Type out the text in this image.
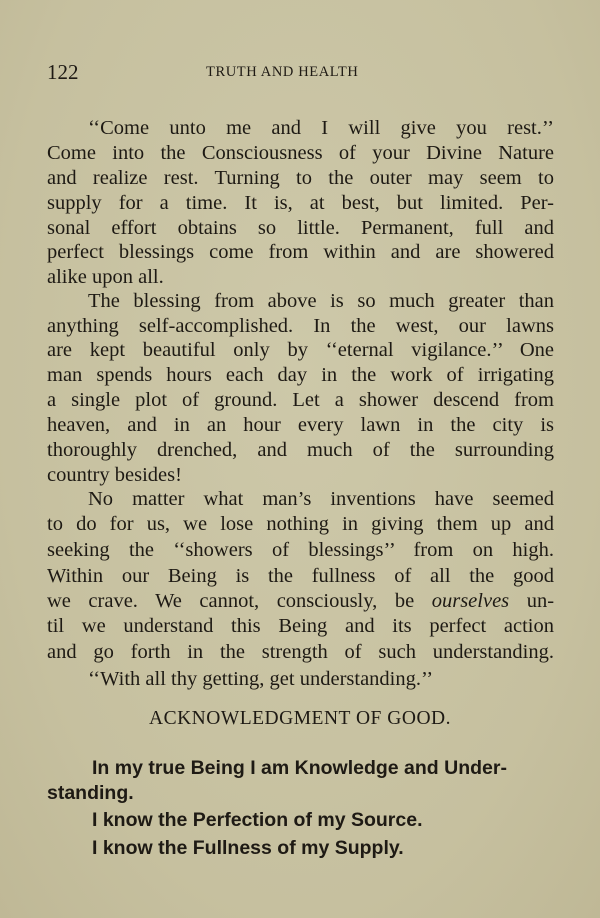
122	TRUTH AND HEALTH
‘‘Come unto me and I will give you rest.’’
Come into the Consciousness of your Divine Nature
and realize rest. Turning to the outer may seem to
supply for a time. It is, at best, but limited. Per-
sonal effort obtains so little. Permanent, full and
perfect blessings come from within and are showered
alike upon all.
The blessing from above is so much greater than
anything self-accomplished. In the west, our lawns
are kept beautiful only by ‘‘eternal vigilance.’’ One
man spends hours each day in the work of irrigating
a single plot of ground. Let a shower descend from
heaven, and in an hour every lawn in the city is
thoroughly drenched, and much of the surrounding
country besides!
No matter what man’s inventions have seemed
to do for us, we lose nothing in giving them up and
seeking the ‘‘showers of blessings’’ from on high.
Within our Being is the fullness of all the good
we crave. We cannot, consciously, be ourselves un-
til we understand this Being and its perfect action
and go forth in the strength of such understanding.
‘‘With all thy getting, get understanding.’’
ACKNOWLEDGMENT OF GOOD.
In my true Being I am Knowledge and Under-
standing.
I know the Perfection of my Source.
I know the Fullness of my Supply.
